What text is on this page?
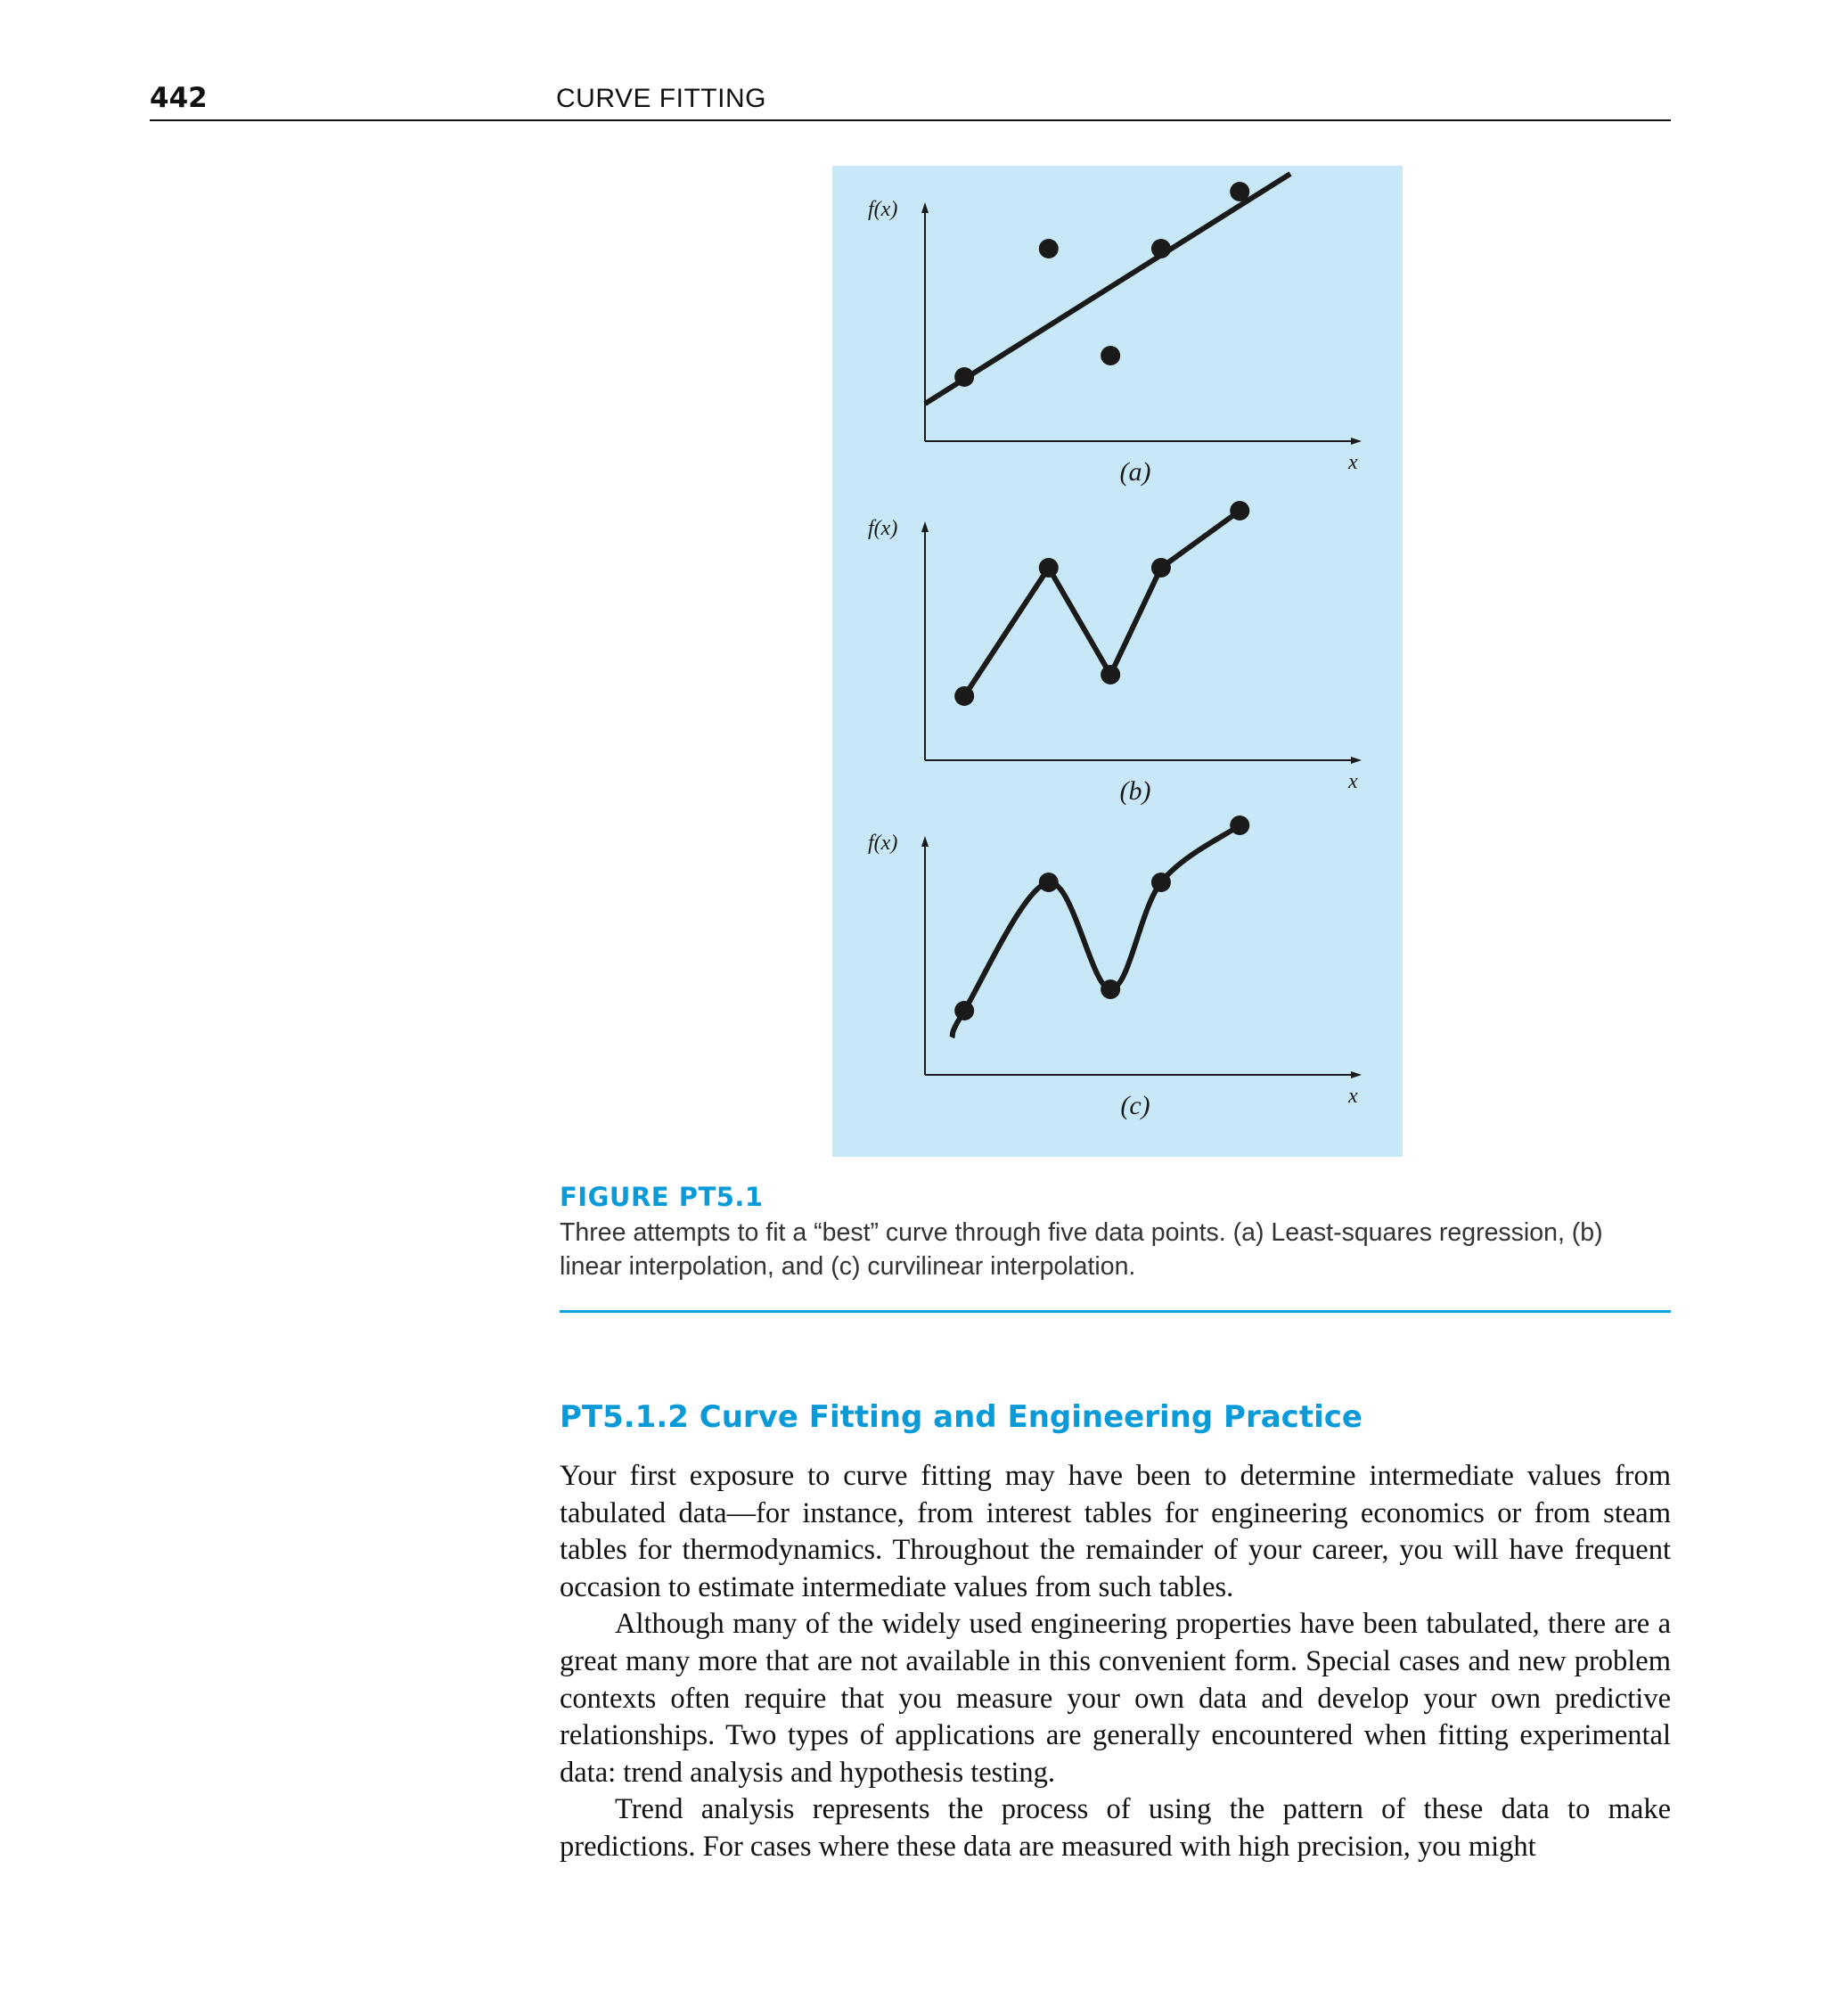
442	CURVE FITTING
f(x)
x
(a)
f(x)
x
(b)
f(x)
x
(c)
FIGURE PT5.1
Three attempts to fit a “best” curve through five data points. (a) Least-squares regression, (b) linear interpolation, and (c) curvilinear interpolation.
PT5.1.2 Curve Fitting and Engineering Practice

Your first exposure to curve fitting may have been to determine intermediate values from tabulated data—for instance, from interest tables for engineering economics or from steam tables for thermodynamics. Throughout the remainder of your career, you will have frequent occasion to estimate intermediate values from such tables.

Although many of the widely used engineering properties have been tabulated, there are a great many more that are not available in this convenient form. Special cases and new problem contexts often require that you measure your own data and develop your own predictive relationships. Two types of applications are generally encountered when fitting experimental data: trend analysis and hypothesis testing.

Trend analysis represents the process of using the pattern of these data to make predictions. For cases where these data are measured with high precision, you might
